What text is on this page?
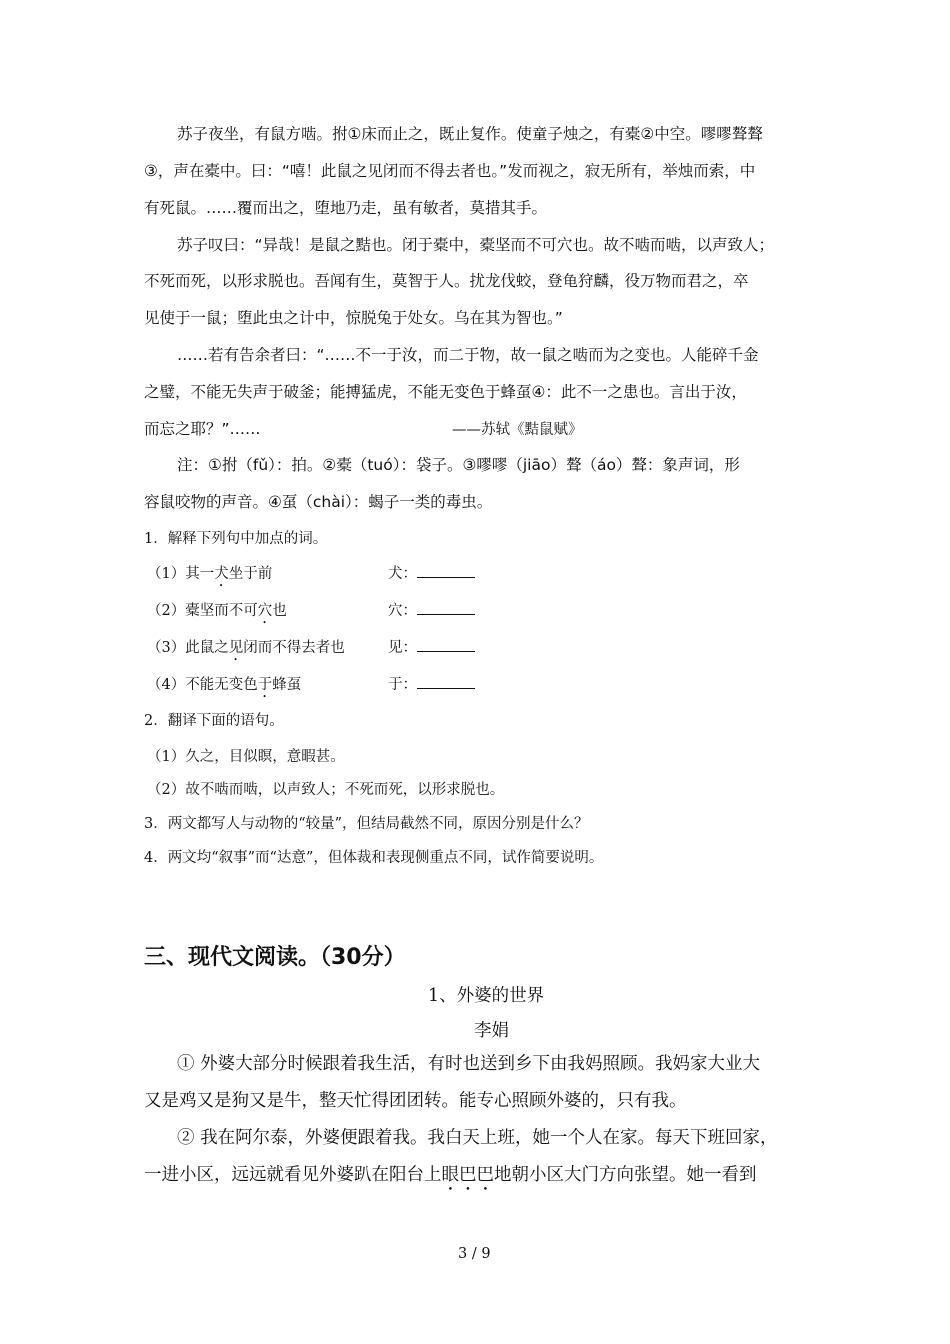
苏子夜坐，有鼠方啮。拊①床而止之，既止复作。使童子烛之，有橐②中空。嘐嘐聱聱
③，声在橐中。曰：“嘻！此鼠之见闭而不得去者也。”发而视之，寂无所有，举烛而索，中
有死鼠。……覆而出之，堕地乃走，虽有敏者，莫措其手。
苏子叹曰：“异哉！是鼠之黠也。闭于橐中，橐坚而不可穴也。故不啮而啮，以声致人；
不死而死，以形求脱也。吾闻有生，莫智于人。扰龙伐蛟，登龟狩麟，役万物而君之，卒
见使于一鼠；堕此虫之计中，惊脱兔于处女。乌在其为智也。”
……若有告余者曰：“……不一于汝，而二于物，故一鼠之啮而为之变也。人能碎千金
之璧，不能无失声于破釜；能搏猛虎，不能无变色于蜂虿④：此不一之患也。言出于汝，
而忘之耶？”……	——苏轼《黠鼠赋》
注：①拊（fǔ）：拍。②橐（tuó）：袋子。③嘐嘐（jiāo）聱（áo）聱：象声词，形
容鼠咬物的声音。④虿（chài）：蝎子一类的毒虫。
1．解释下列句中加点的词。
（1）其一犬坐于前	犬：
（2）橐坚而不可穴也	穴：
（3）此鼠之见闭而不得去者也	见：
（4）不能无变色于蜂虿	于：
2．翻译下面的语句。
（1）久之，目似瞑，意暇甚。
（2）故不啮而啮，以声致人；不死而死，以形求脱也。
3．两文都写人与动物的“较量”，但结局截然不同，原因分别是什么？
4．两文均“叙事”而“达意”，但体裁和表现侧重点不同，试作简要说明。
三、现代文阅读。（30分）
1、外婆的世界
李娟
① 外婆大部分时候跟着我生活，有时也送到乡下由我妈照顾。我妈家大业大
又是鸡又是狗又是牛，整天忙得团团转。能专心照顾外婆的，只有我。
② 我在阿尔泰，外婆便跟着我。我白天上班，她一个人在家。每天下班回家，
一进小区，远远就看见外婆趴在阳台上眼巴巴地朝小区大门方向张望。她一看到
3 / 9
